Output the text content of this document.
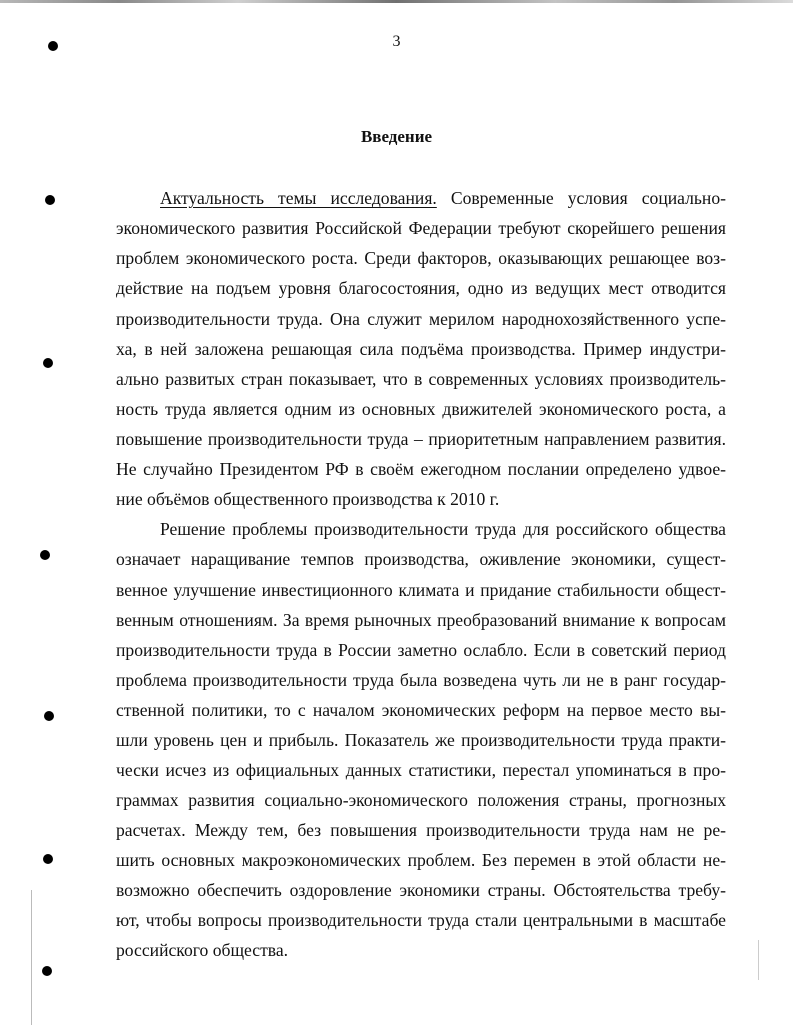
3
Введение
Актуальность темы исследования. Современные условия социально-
экономического развития Российской Федерации требуют скорейшего решения
проблем экономического роста. Среди факторов, оказывающих решающее воз-
действие на подъем уровня благосостояния, одно из ведущих мест отводится
производительности труда. Она служит мерилом народнохозяйственного успе-
ха, в ней заложена решающая сила подъёма производства. Пример индустри-
ально развитых стран показывает, что в современных условиях производитель-
ность труда является одним из основных движителей экономического роста, а
повышение производительности труда – приоритетным направлением развития.
Не случайно Президентом РФ в своём ежегодном послании определено удвое-
ние объёмов общественного производства к 2010 г.
Решение проблемы производительности труда для российского общества
означает наращивание темпов производства, оживление экономики, сущест-
венное улучшение инвестиционного климата и придание стабильности общест-
венным отношениям. За время рыночных преобразований внимание к вопросам
производительности труда в России заметно ослабло. Если в советский период
проблема производительности труда была возведена чуть ли не в ранг государ-
ственной политики, то с началом экономических реформ на первое место вы-
шли уровень цен и прибыль. Показатель же производительности труда практи-
чески исчез из официальных данных статистики, перестал упоминаться в про-
граммах развития социально-экономического положения страны, прогнозных
расчетах. Между тем, без повышения производительности труда нам не ре-
шить основных макроэкономических проблем. Без перемен в этой области не-
возможно обеспечить оздоровление экономики страны. Обстоятельства требу-
ют, чтобы вопросы производительности труда стали центральными в масштабе
российского общества.
